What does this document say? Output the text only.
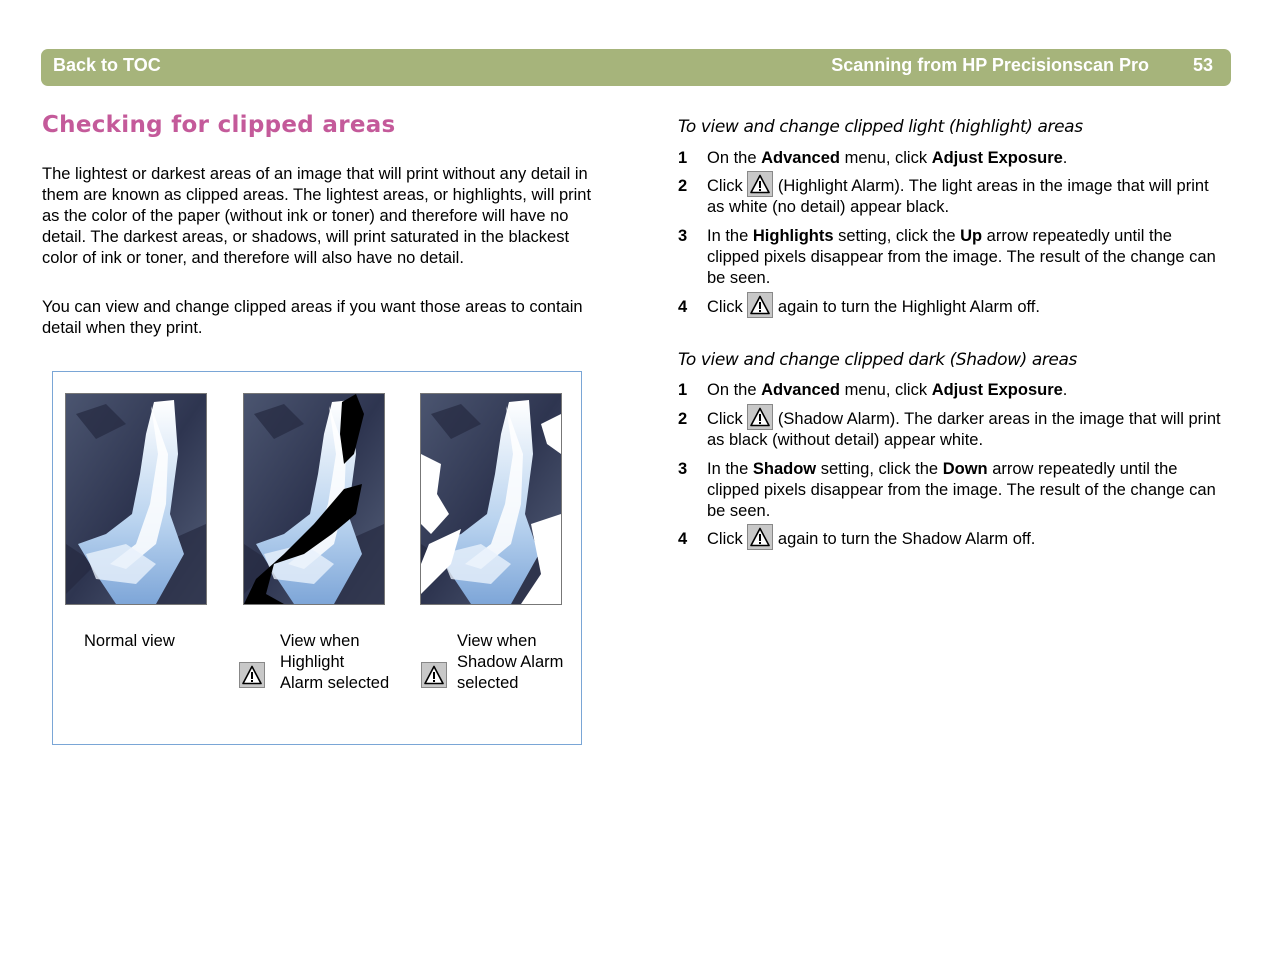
Back to TOC	Scanning from HP Precisionscan Pro 53
Checking for clipped areas

The lightest or darkest areas of an image that will print without any detail in them are known as clipped areas. The lightest areas, or highlights, will print as the color of the paper (without ink or toner) and therefore will have no detail. The darkest areas, or shadows, will print saturated in the blackest color of ink or toner, and therefore will also have no detail.

You can view and change clipped areas if you want those areas to contain detail when they print.

Normal view	View when Highlight Alarm selected
View when Shadow Alarm selected
To view and change clipped light (highlight) areas
1 On the Advanced menu, click Adjust Exposure.
2 Click
(Highlight Alarm). The light areas in the image that will print as white (no detail) appear black.
3 In the Highlights setting, click the Up arrow repeatedly until the clipped pixels disappear from the image. The result of the change can be seen.
4 Click
again to turn the Highlight Alarm off.
To view and change clipped dark (Shadow) areas
1 On the Advanced menu, click Adjust Exposure.
2 Click
(Shadow Alarm). The darker areas in the image that will print as black (without detail) appear white.
3 In the Shadow setting, click the Down arrow repeatedly until the clipped pixels disappear from the image. The result of the change can be seen.
4 Click
again to turn the Shadow Alarm off.
